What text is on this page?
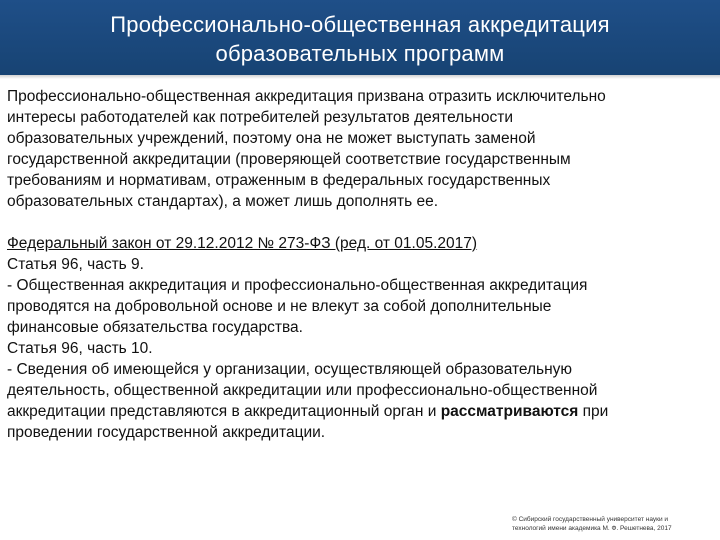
Профессионально-общественная аккредитация
образовательных программ
Профессионально-общественная аккредитация призвана отразить исключительно
интересы работодателей как потребителей результатов деятельности
образовательных учреждений, поэтому она не может выступать заменой
государственной аккредитации (проверяющей соответствие государственным
требованиям и нормативам, отраженным в федеральных государственных
образовательных стандартах), а может лишь дополнять ее.
Федеральный закон от 29.12.2012 № 273-ФЗ (ред. от 01.05.2017)
Статья 96, часть 9.
- Общественная аккредитация и профессионально-общественная аккредитация
проводятся на добровольной основе и не влекут за собой дополнительные
финансовые обязательства государства.
Статья 96, часть 10.
- Сведения об имеющейся у организации, осуществляющей образовательную
деятельность, общественной аккредитации или профессионально-общественной
аккредитации представляются в аккредитационный орган и рассматриваются при
проведении государственной аккредитации.
© Сибирский государственный университет науки и
технологий имени академика М. Ф. Решетнева, 2017
